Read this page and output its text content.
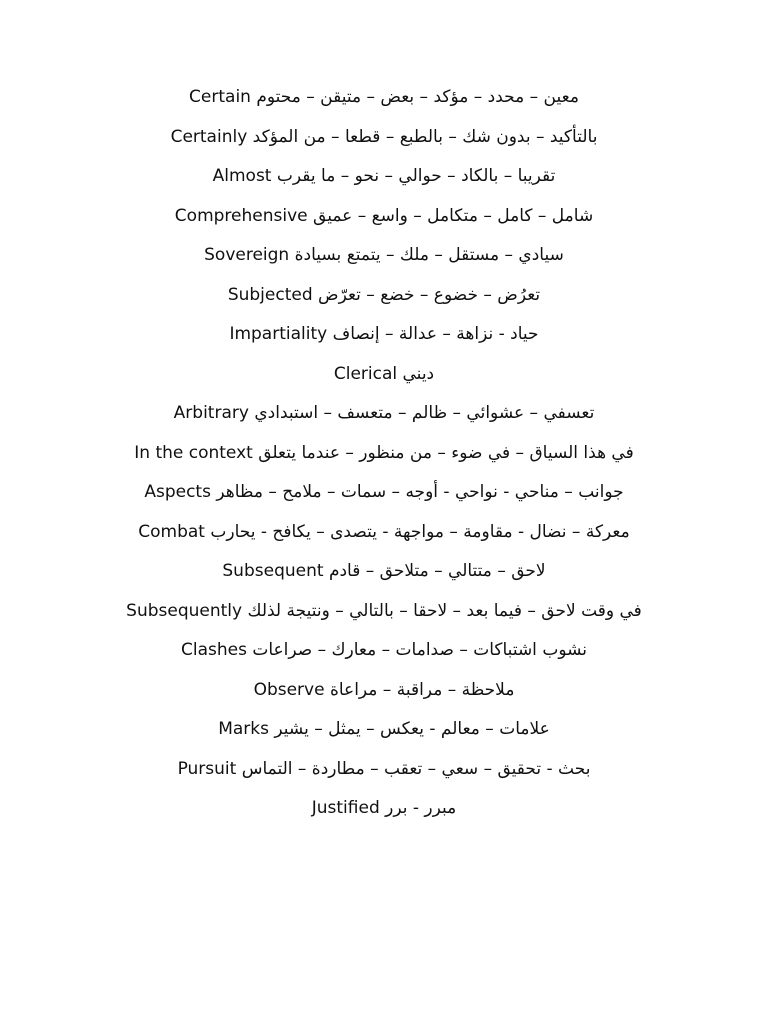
Certain معين – محدد – مؤكد – بعض – متيقن – محتوم

Certainly بالتأكيد – بدون شك – بالطبع – قطعا – من المؤكد

Almost تقريبا – بالكاد – حوالي – نحو – ما يقرب

Comprehensive شامل – كامل – متكامل – واسع – عميق

Sovereign سيادي – مستقل – ملك – يتمتع بسيادة

Subjected تعرُض – خضوع – خضع – تعرّض

Impartiality حياد - نزاهة – عدالة – إنصاف

Clerical ديني

Arbitrary تعسفي – عشوائي – ظالم – متعسف – استبدادي

In the context في هذا السياق – في ضوء – من منظور – عندما يتعلق

Aspects جوانب – مناحي - نواحي - أوجه – سمات – ملامح – مظاهر

Combat معركة – نضال - مقاومة – مواجهة - يتصدى – يكافح - يحارب

Subsequent لاحق – متتالي – متلاحق – قادم

Subsequently في وقت لاحق – فيما بعد – لاحقا – بالتالي – ونتيجة لذلك

Clashes نشوب اشتباكات – صدامات – معارك – صراعات

Observe ملاحظة – مراقبة – مراعاة

Marks علامات – معالم - يعكس – يمثل – يشير

Pursuit بحث - تحقيق – سعي – تعقب – مطاردة – التماس

Justified مبرر - برر
